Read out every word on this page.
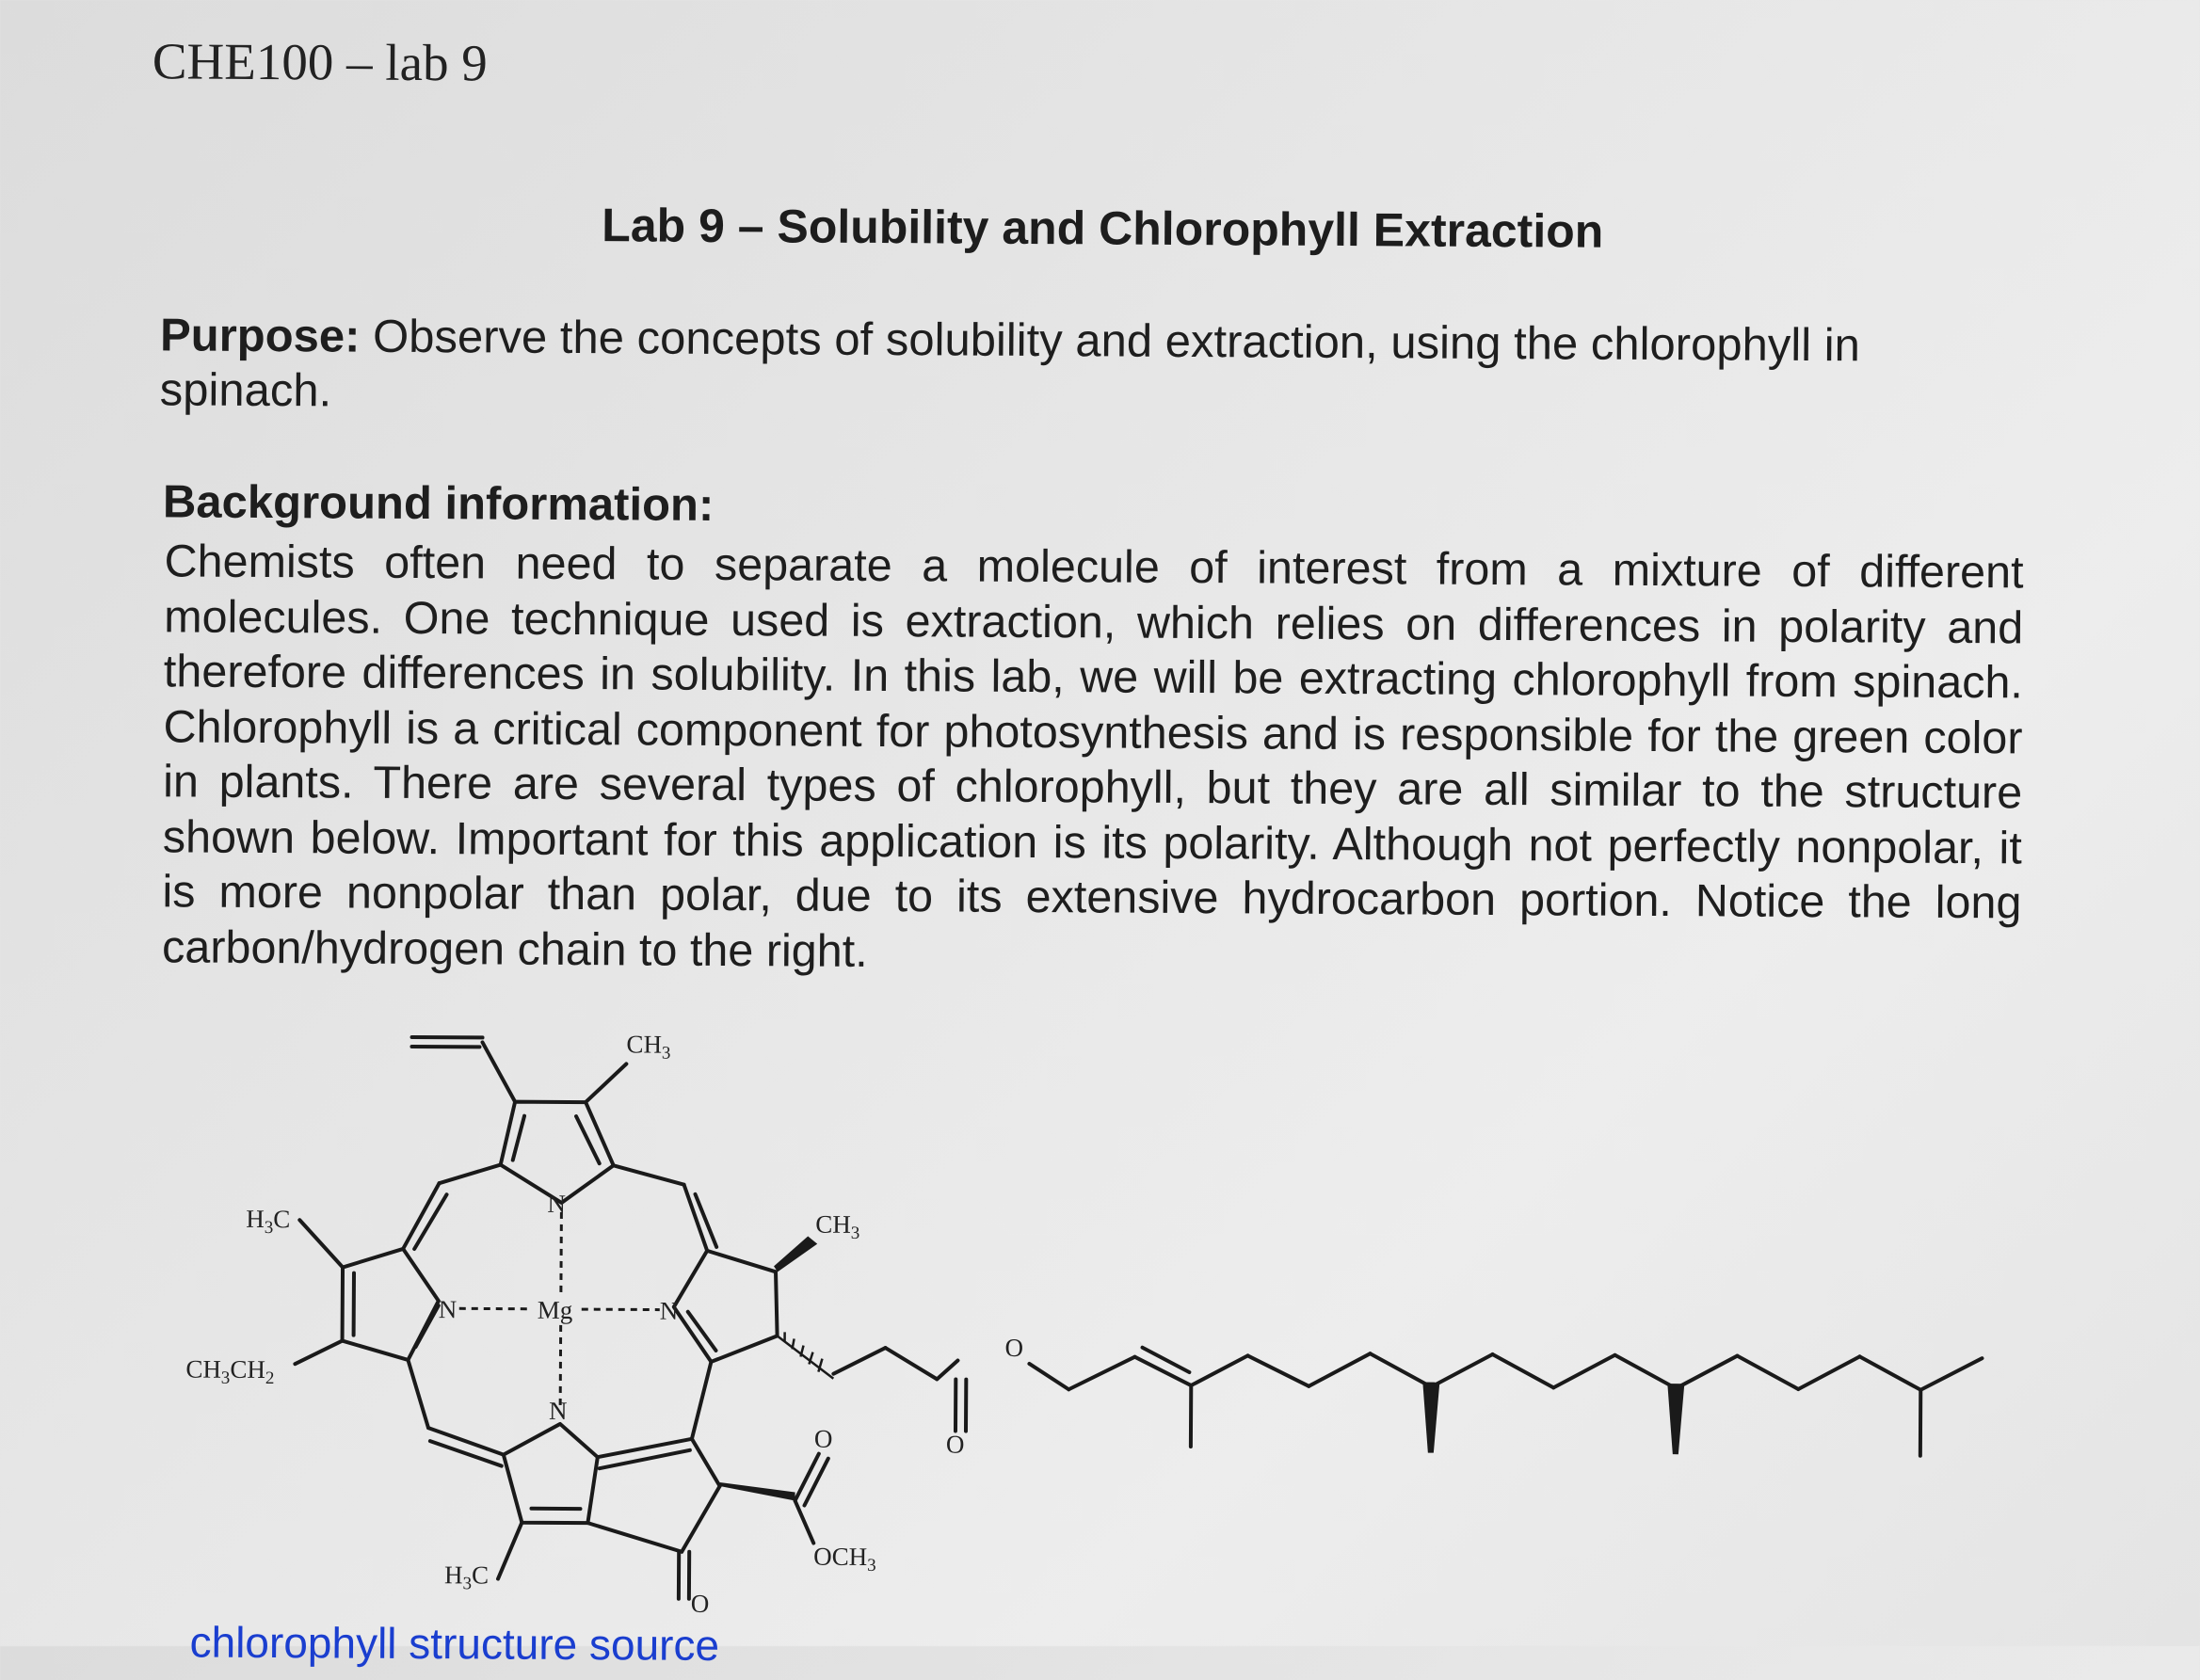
CHE100 – lab 9
Lab 9 – Solubility and Chlorophyll Extraction
Purpose: Observe the concepts of solubility and extraction, using the chlorophyll in spinach.
Background information:
Chemists often need to separate a molecule of interest from a mixture of different molecules. One technique used is extraction, which relies on differences in polarity and therefore differences in solubility. In this lab, we will be extracting chlorophyll from spinach. Chlorophyll is a critical component for photosynthesis and is responsible for the green color in plants. There are several types of chlorophyll, but they are all similar to the structure shown below. Important for this application is its polarity. Although not perfectly nonpolar, it is more nonpolar than polar, due to its extensive hydrocarbon portion. Notice the long carbon/hydrogen chain to the right.
$CH_3$
$H_3C$
$CH_3CH_2$
N
N	Mg	N
N
$CH_3$
$H_3C$
O
O
$OCH_3$
O
O
chlorophyll structure source
